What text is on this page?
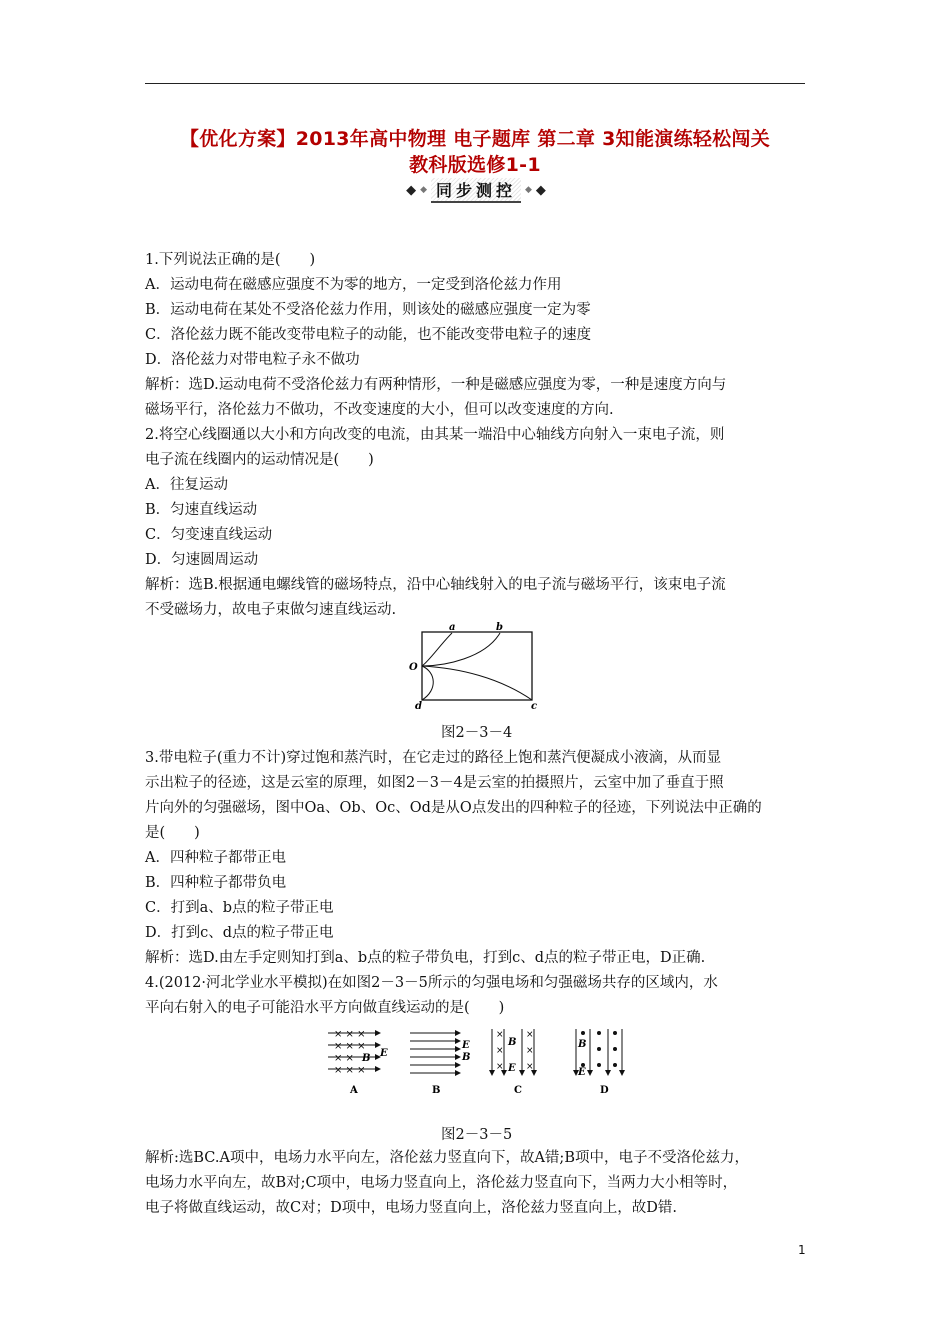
【优化方案】2013年高中物理 电子题库 第二章 3知能演练轻松闯关
教科版选修1-1
◆ ◆ 同步测控	◆ ◆
1.下列说法正确的是(　　)
A．运动电荷在磁感应强度不为零的地方，一定受到洛伦兹力作用
B．运动电荷在某处不受洛伦兹力作用，则该处的磁感应强度一定为零
C．洛伦兹力既不能改变带电粒子的动能，也不能改变带电粒子的速度
D．洛伦兹力对带电粒子永不做功
解析：选D.运动电荷不受洛伦兹力有两种情形，一种是磁感应强度为零，一种是速度方向与
磁场平行，洛伦兹力不做功，不改变速度的大小，但可以改变速度的方向.
2.将空心线圈通以大小和方向改变的电流，由其某一端沿中心轴线方向射入一束电子流，则
电子流在线圈内的运动情况是(　　)
A．往复运动
B．匀速直线运动
C．匀变速直线运动
D．匀速圆周运动
解析：选B.根据通电螺线管的磁场特点，沿中心轴线射入的电子流与磁场平行，该束电子流
不受磁场力，故电子束做匀速直线运动.
a	b
c
d
O
图2－3－4
3.带电粒子(重力不计)穿过饱和蒸汽时，在它走过的路径上饱和蒸汽便凝成小液滴，从而显
示出粒子的径迹，这是云室的原理，如图2－3－4是云室的拍摄照片，云室中加了垂直于照
片向外的匀强磁场，图中Oa、Ob、Oc、Od是从O点发出的四种粒子的径迹，下列说法中正确的
是(　　)
A．四种粒子都带正电
B．四种粒子都带负电
C．打到a、b点的粒子带正电
D．打到c、d点的粒子带正电
解析：选D.由左手定则知打到a、b点的粒子带负电，打到c、d点的粒子带正电，D正确.
4.(2012·河北学业水平模拟)在如图2－3－5所示的匀强电场和匀强磁场共存的区域内，水
平向右射入的电子可能沿水平方向做直线运动的是(　　)
× × ×
× × ×
× ×
× × ×
B E
A
E
B
B
×
×
×
×
×
×
B
E
C
B
E
D
图2－3－5
解析:选BC.A项中，电场力水平向左，洛伦兹力竖直向下，故A错;B项中，电子不受洛伦兹力，
电场力水平向左，故B对;C项中，电场力竖直向上，洛伦兹力竖直向下，当两力大小相等时，
电子将做直线运动，故C对；D项中，电场力竖直向上，洛伦兹力竖直向上，故D错.
1
